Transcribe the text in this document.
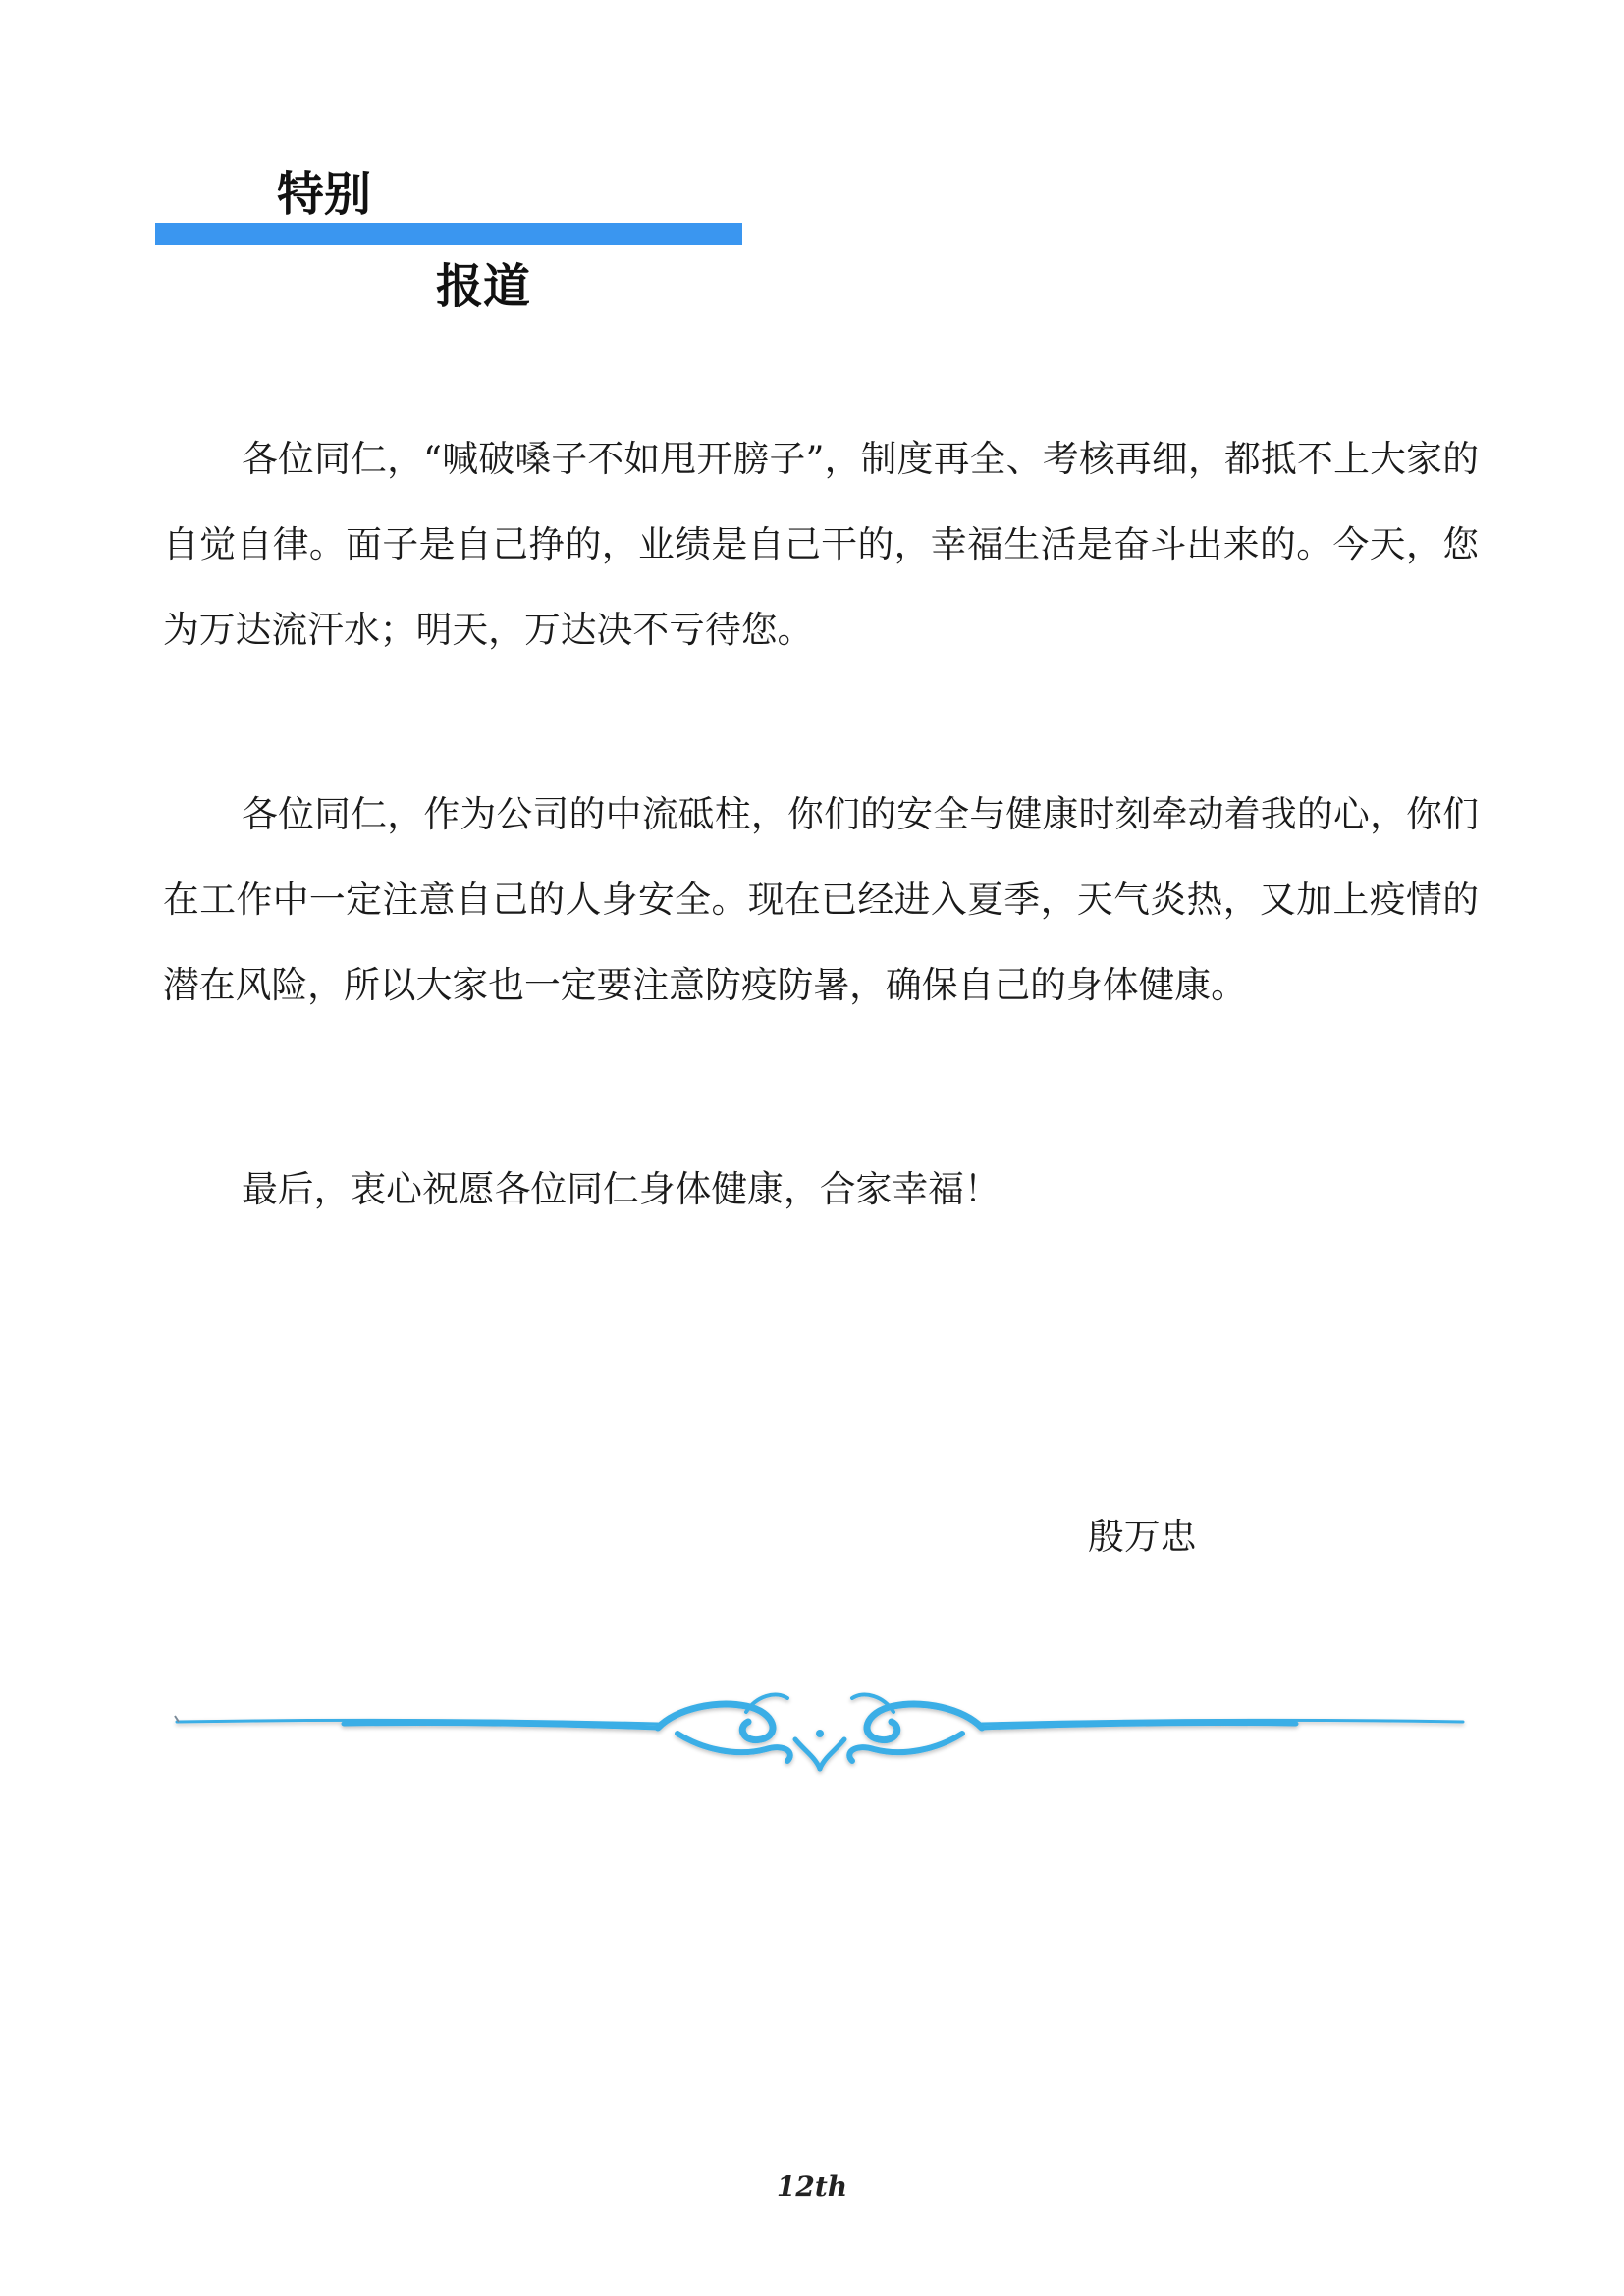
特别
报道

各位同仁，“喊破嗓子不如甩开膀子”，制度再全、考核再细，都抵不上大家的自觉自律。面子是自己挣的，业绩是自己干的，幸福生活是奋斗出来的。今天，您为万达流汗水；明天，万达决不亏待您。

各位同仁，作为公司的中流砥柱，你们的安全与健康时刻牵动着我的心，你们在工作中一定注意自己的人身安全。现在已经进入夏季，天气炎热，又加上疫情的潜在风险，所以大家也一定要注意防疫防暑，确保自己的身体健康。

最后，衷心祝愿各位同仁身体健康，合家幸福！

殷万忠
12th
